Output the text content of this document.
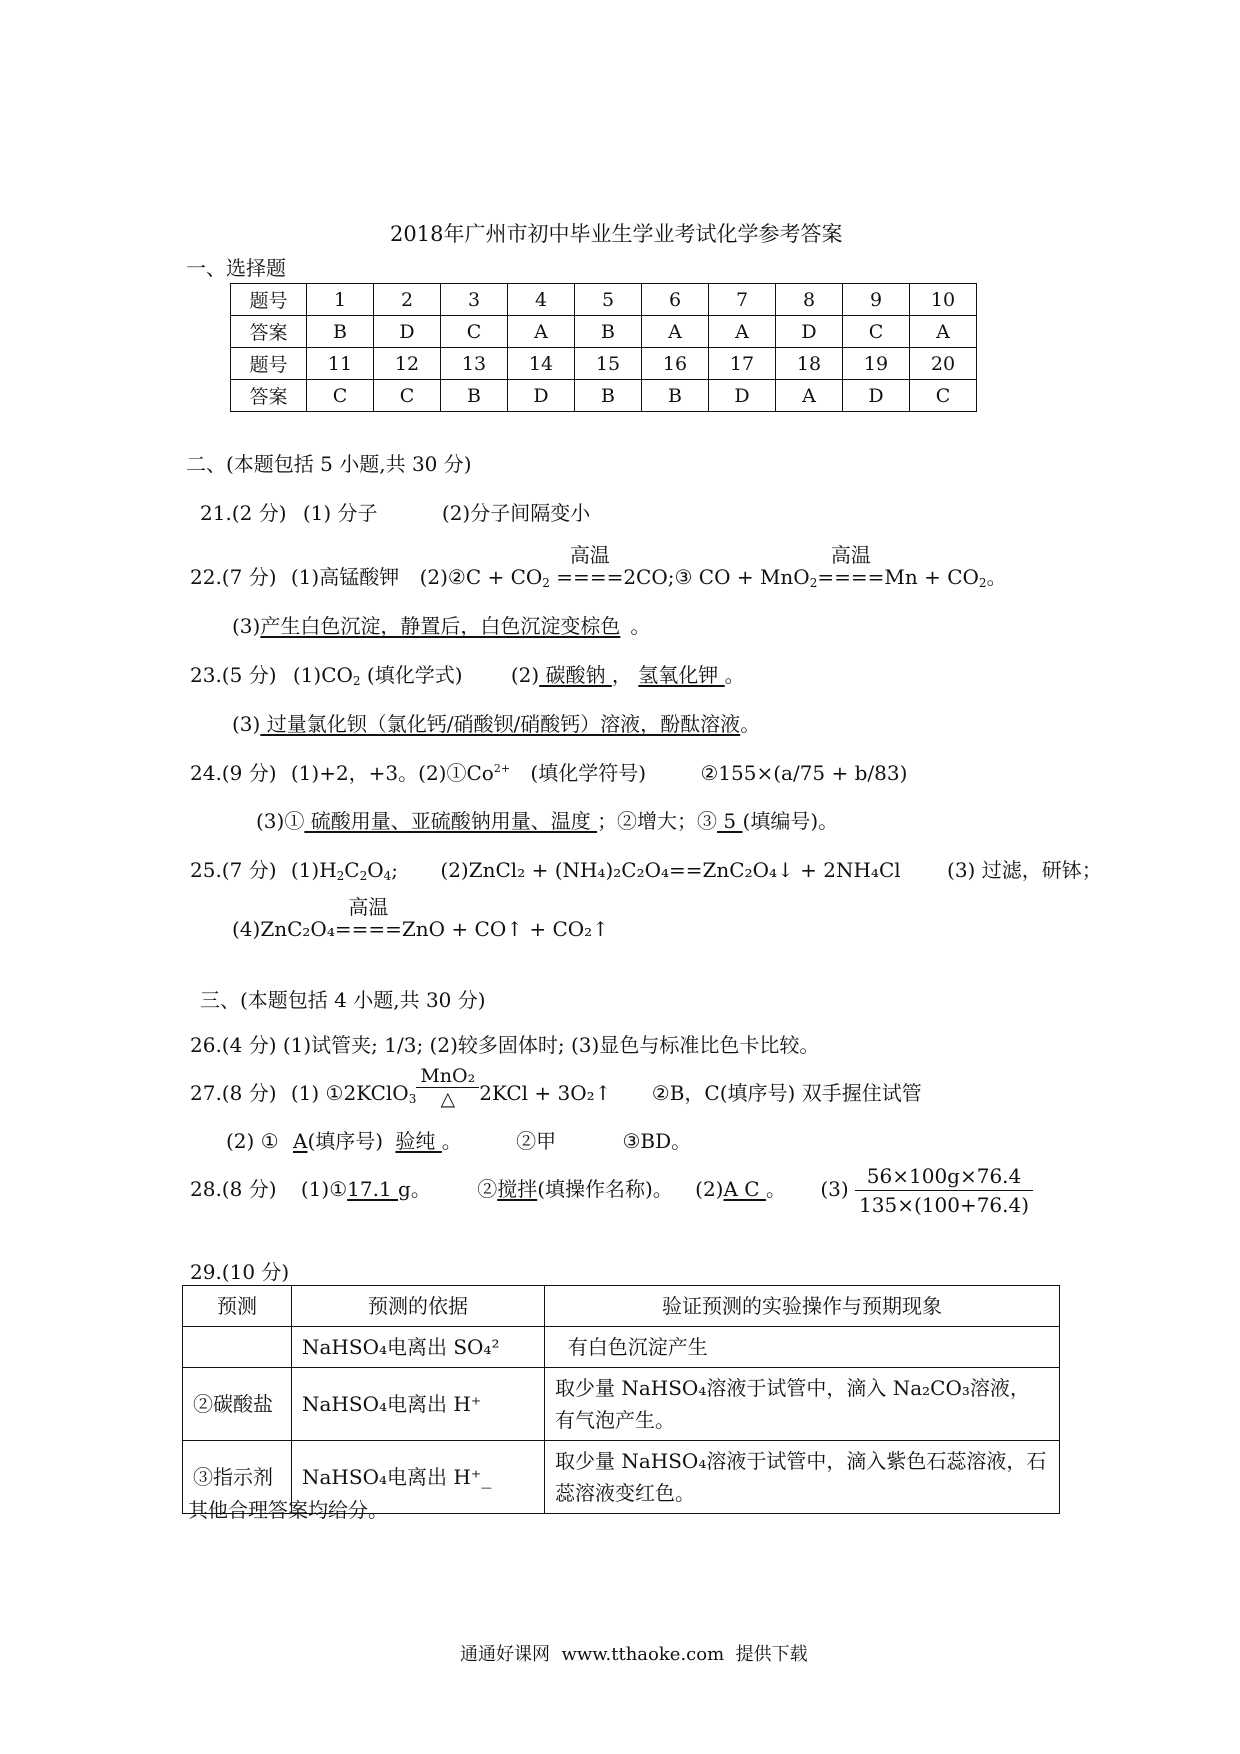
2018年广州市初中毕业生学业考试化学参考答案
一、选择题
题号	1	2	3	4	5	6	7	8	9	10
答案	B	D	C	A	B	A	A	D	C	A
题号	11	12	13	14	15	16	17	18	19	20
答案	C	C	B	D	B	B	D	A	D	C
二、(本题包括 5 小题,共 30 分)
21.(2 分) (1) 分子	(2)分子间隔变小
22.(7 分) (1)高锰酸钾 (2)②C + $CO_2$
高温
====2CO;③ CO + MnO$_2$
高温
$====Mn + CO_2$。
(3)产生白色沉淀，静置后，白色沉淀变棕色 。
23.(5 分) $(1)CO_2$ (填化学式) (2) 碳酸钠 ， 氢氧化钾 。
(3) 过量氯化钡（氯化钙/硝酸钡/硝酸钙）溶液，酚酞溶液。
24.(9 分) (1)+2，+3。$(2)①Co^{2+}$ (填化学符号)	②155×(a/75 + b/83)
(3)① 硫酸用量、亚硫酸钠用量、温度 ；②增大；③ 5 (填编号)。
25.(7 分) $(1)H_2C_2O_4$; (2)ZnCl₂ + (NH₄)₂C₂O₄==ZnC₂O₄↓ + 2NH₄Cl (3) 过滤，研钵；
(4)ZnC₂O₄
高温
====ZnO + CO↑ + CO₂↑
三、(本题包括 4 小题,共 30 分)
26.(4 分) (1)试管夹; 1/3; (2)较多固体时; (3)显色与标准比色卡比较。
27.(8 分) (1) ①2KClO$_3$ $\frac{\text{MnO₂}}{\triangle} 2KCl$ + 3O₂↑ ②B，C(填序号) 双手握住试管
(2) ① A(填序号) 验纯 。	②甲	③BD。
28.(8 分) (1)①17.1 g。 ②搅拌(填操作名称)。 (2)A C 。 $(3) \frac{56\times 100g\times 76.4}{135\times(100+76.4)}$
29.(10 分)
预测	预测的依据	验证预测的实验操作与预期现象
	NaHSO₄电离出 SO₄²	有白色沉淀产生
②碳酸盐	NaHSO₄电离出 H⁺	取少量 NaHSO₄溶液于试管中，滴入 Na₂CO₃溶液，有气泡产生。
③指示剂	NaHSO₄电离出 H⁺_	取少量 NaHSO₄溶液于试管中，滴入紫色石蕊溶液，石蕊溶液变红色。
其他合理答案均给分。
通通好课网  www.tthaoke.com  提供下载
